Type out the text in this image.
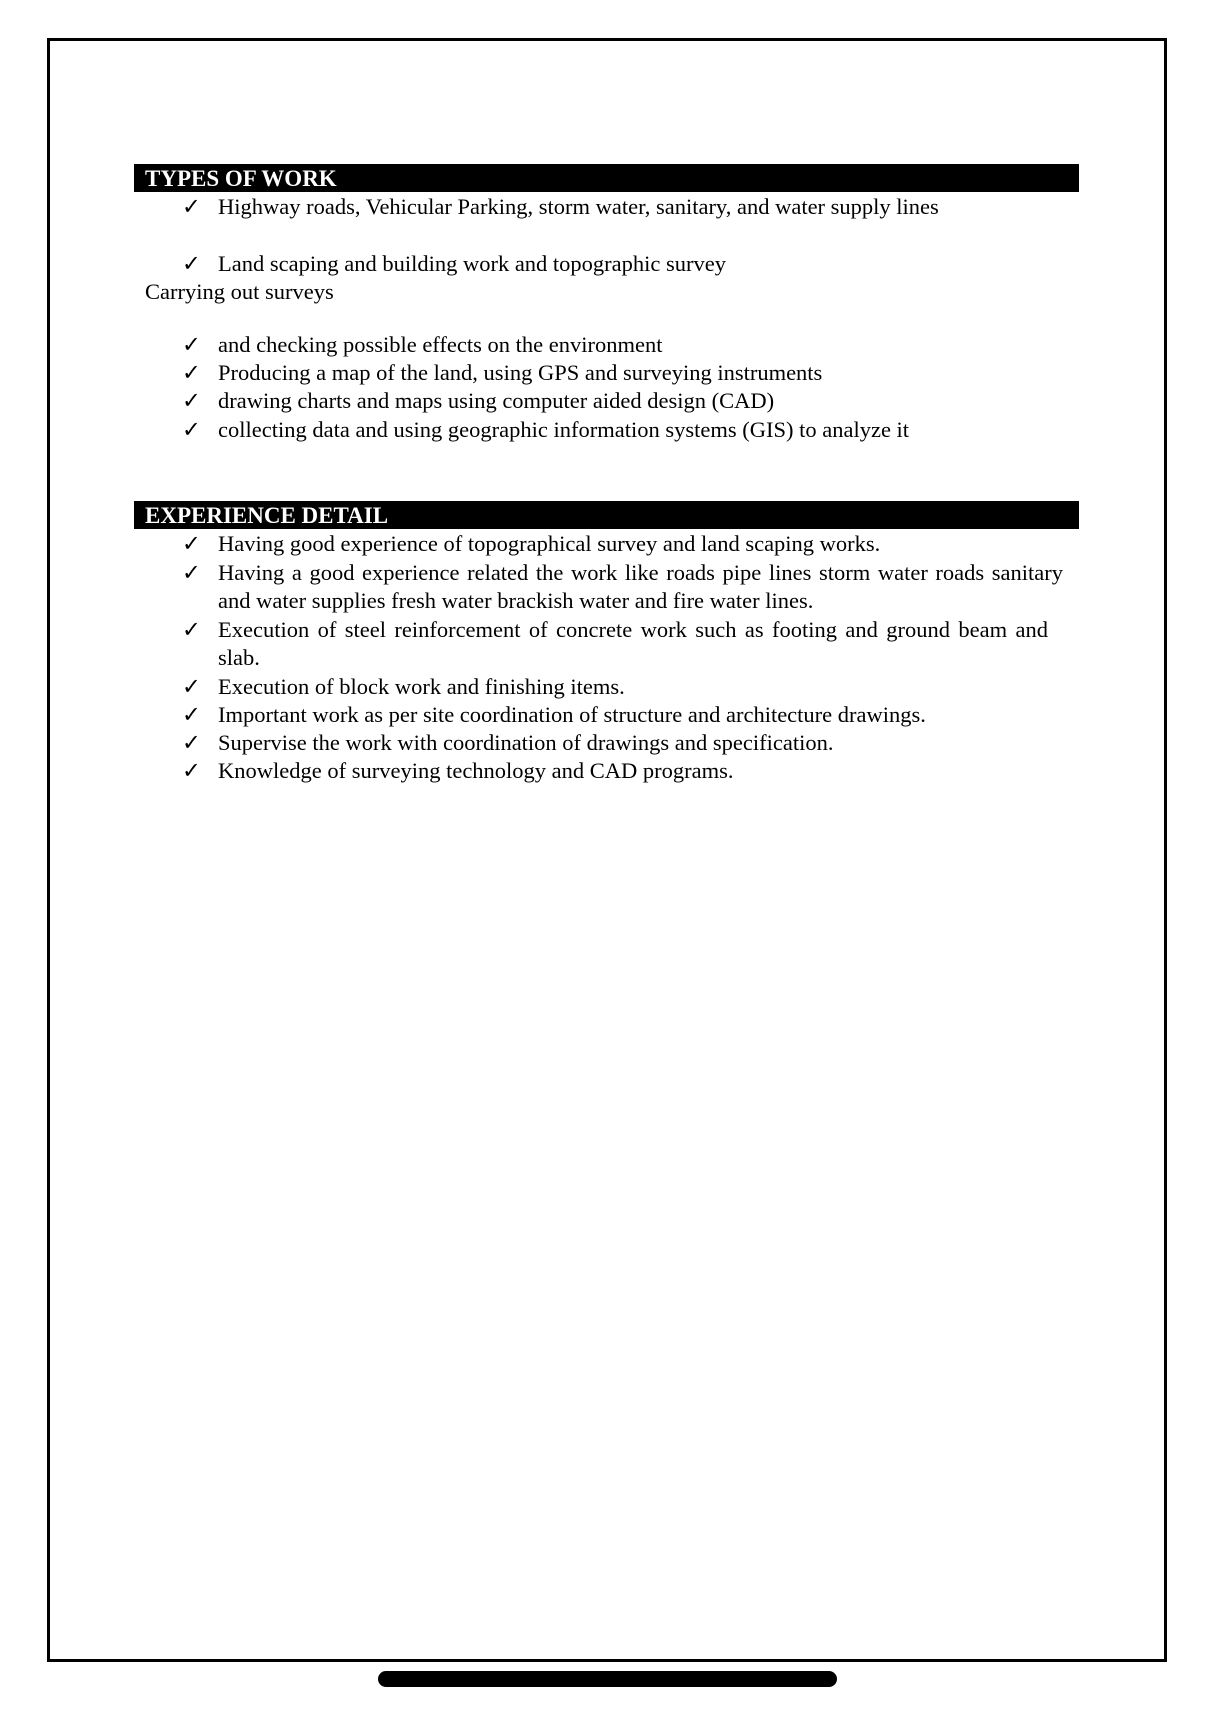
TYPES OF WORK
✓ Highway roads, Vehicular Parking, storm water, sanitary, and water supply lines
✓ Land scaping and building work and topographic survey
Carrying out surveys
✓ and checking possible effects on the environment
✓ Producing a map of the land, using GPS and surveying instruments
✓ drawing charts and maps using computer aided design (CAD)
✓ collecting data and using geographic information systems (GIS) to analyze it
EXPERIENCE DETAIL
✓ Having good experience of topographical survey and land scaping works.
✓ Having a good experience related the work like roads pipe lines storm water roads sanitary and water supplies fresh water brackish water and fire water lines.
✓ Execution of steel reinforcement of concrete work such as footing and ground beam and slab.
✓ Execution of block work and finishing items.
✓ Important work as per site coordination of structure and architecture drawings.
✓ Supervise the work with coordination of drawings and specification.
✓ Knowledge of surveying technology and CAD programs.
